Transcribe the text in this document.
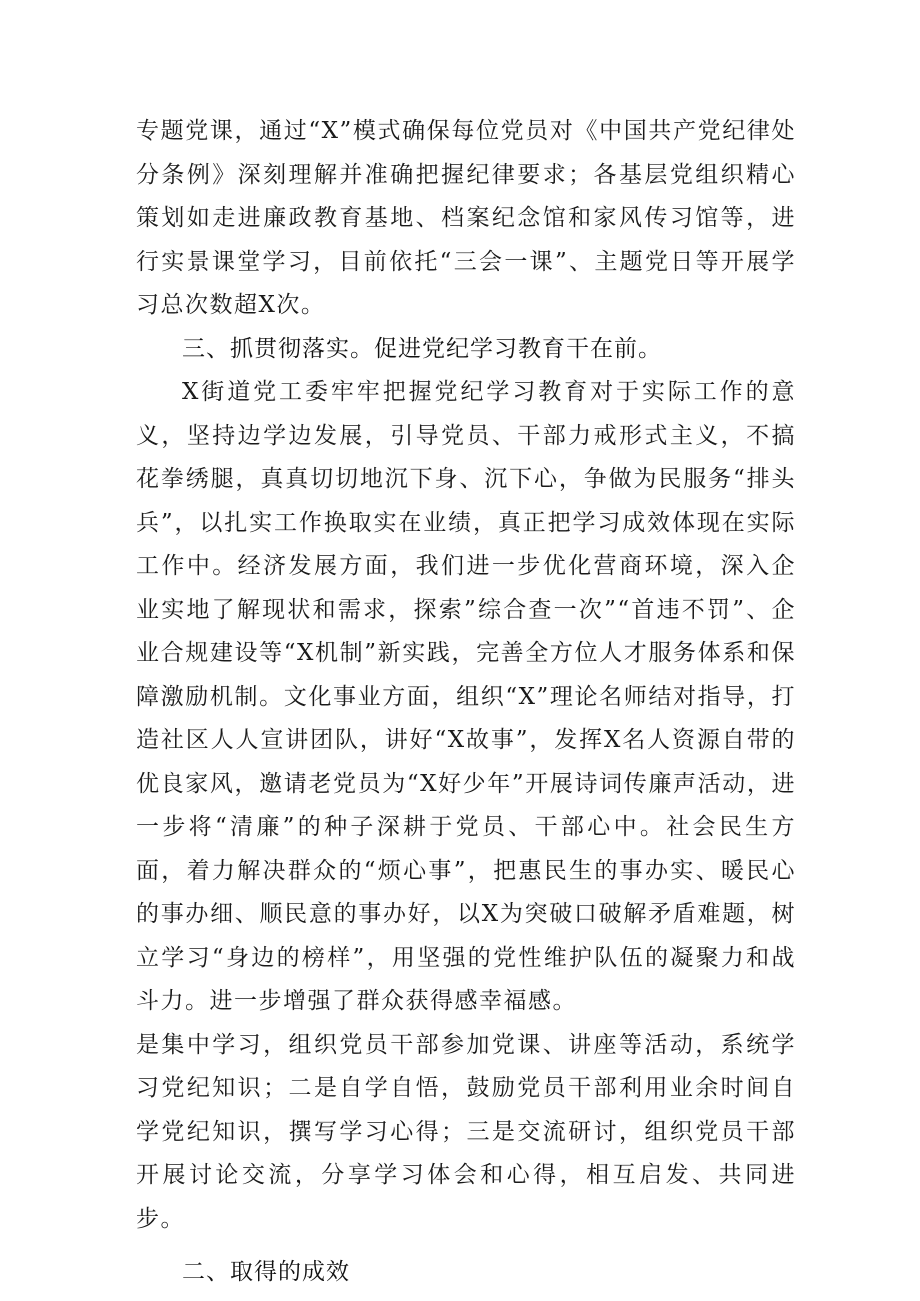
专题党课，通过“X”模式确保每位党员对《中国共产党纪律处分条例》深刻理解并准确把握纪律要求；各基层党组织精心策划如走进廉政教育基地、档案纪念馆和家风传习馆等，进行实景课堂学习，目前依托“三会一课”、主题党日等开展学习总次数超X次。

三、抓贯彻落实。促进党纪学习教育干在前。

X街道党工委牢牢把握党纪学习教育对于实际工作的意义，坚持边学边发展，引导党员、干部力戒形式主义，不搞花拳绣腿，真真切切地沉下身、沉下心，争做为民服务“排头兵”，以扎实工作换取实在业绩，真正把学习成效体现在实际工作中。经济发展方面，我们进一步优化营商环境，深入企业实地了解现状和需求，探索”综合查一次”“首违不罚”、企业合规建设等“X机制”新实践，完善全方位人才服务体系和保障激励机制。文化事业方面，组织“X”理论名师结对指导，打造社区人人宣讲团队，讲好“X故事”，发挥X名人资源自带的优良家风，邀请老党员为“X好少年”开展诗词传廉声活动，进一步将“清廉”的种子深耕于党员、干部心中。社会民生方面，着力解决群众的“烦心事”，把惠民生的事办实、暖民心的事办细、顺民意的事办好，以X为突破口破解矛盾难题，树立学习“身边的榜样”，用坚强的党性维护队伍的凝聚力和战斗力。进一步增强了群众获得感幸福感。

是集中学习，组织党员干部参加党课、讲座等活动，系统学习党纪知识；二是自学自悟，鼓励党员干部利用业余时间自学党纪知识，撰写学习心得；三是交流研讨，组织党员干部开展讨论交流，分享学习体会和心得，相互启发、共同进步。

二、取得的成效
